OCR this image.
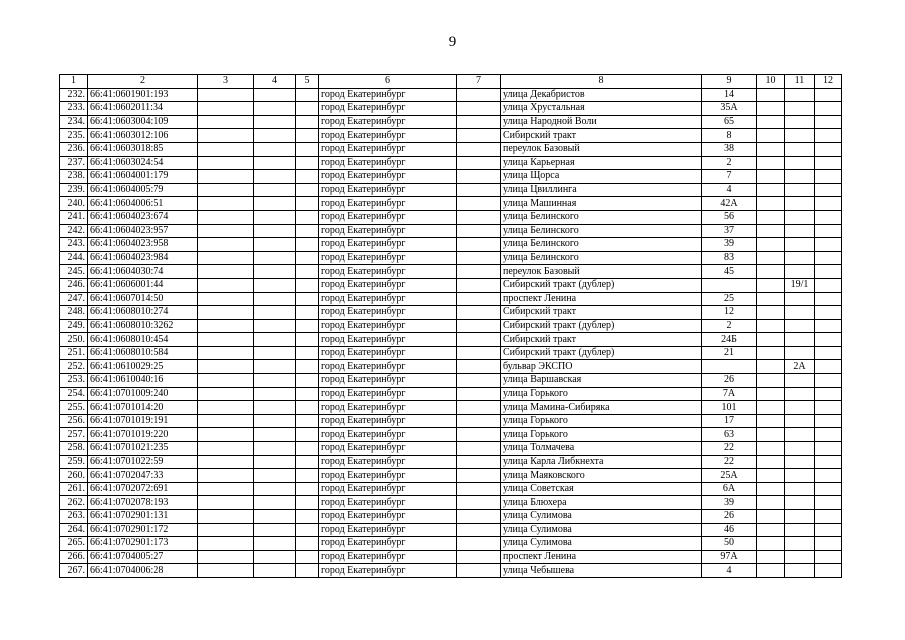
9
1	2	3	4	5	6	7	8	9	10	11	12
232.	66:41:0601901:193				город Екатеринбург		улица Декабристов	14			
233.	66:41:0602011:34				город Екатеринбург		улица Хрустальная	35А			
234.	66:41:0603004:109				город Екатеринбург		улица Народной Воли	65			
235.	66:41:0603012:106				город Екатеринбург		Сибирский тракт	8			
236.	66:41:0603018:85				город Екатеринбург		переулок Базовый	38			
237.	66:41:0603024:54				город Екатеринбург		улица Карьерная	2			
238.	66:41:0604001:179				город Екатеринбург		улица Щорса	7			
239.	66:41:0604005:79				город Екатеринбург		улица Цвиллинга	4			
240.	66:41:0604006:51				город Екатеринбург		улица Машинная	42А			
241.	66:41:0604023:674				город Екатеринбург		улица Белинского	56			
242.	66:41:0604023:957				город Екатеринбург		улица Белинского	37			
243.	66:41:0604023:958				город Екатеринбург		улица Белинского	39			
244.	66:41:0604023:984				город Екатеринбург		улица Белинского	83			
245.	66:41:0604030:74				город Екатеринбург		переулок Базовый	45			
246.	66:41:0606001:44				город Екатеринбург		Сибирский тракт (дублер)			19/1	
247.	66:41:0607014:50				город Екатеринбург		проспект Ленина	25			
248.	66:41:0608010:274				город Екатеринбург		Сибирский тракт	12			
249.	66:41:0608010:3262				город Екатеринбург		Сибирский тракт (дублер)	2			
250.	66:41:0608010:454				город Екатеринбург		Сибирский тракт	24Б			
251.	66:41:0608010:584				город Екатеринбург		Сибирский тракт (дублер)	21			
252.	66:41:0610029:25				город Екатеринбург		бульвар ЭКСПО			2А	
253.	66:41:0610040:16				город Екатеринбург		улица Варшавская	26			
254.	66:41:0701009:240				город Екатеринбург		улица Горького	7А			
255.	66:41:0701014:20				город Екатеринбург		улица Мамина-Сибиряка	101			
256.	66:41:0701019:191				город Екатеринбург		улица Горького	17			
257.	66:41:0701019:220				город Екатеринбург		улица Горького	63			
258.	66:41:0701021:235				город Екатеринбург		улица Толмачева	22			
259.	66:41:0701022:59				город Екатеринбург		улица Карла Либкнехта	22			
260.	66:41:0702047:33				город Екатеринбург		улица Маяковского	25А			
261.	66:41:0702072:691				город Екатеринбург		улица Советская	6А			
262.	66:41:0702078:193				город Екатеринбург		улица Блюхера	39			
263.	66:41:0702901:131				город Екатеринбург		улица Сулимова	26			
264.	66:41:0702901:172				город Екатеринбург		улица Сулимова	46			
265.	66:41:0702901:173				город Екатеринбург		улица Сулимова	50			
266.	66:41:0704005:27				город Екатеринбург		проспект Ленина	97А			
267.	66:41:0704006:28				город Екатеринбург		улица Чебышева	4			
